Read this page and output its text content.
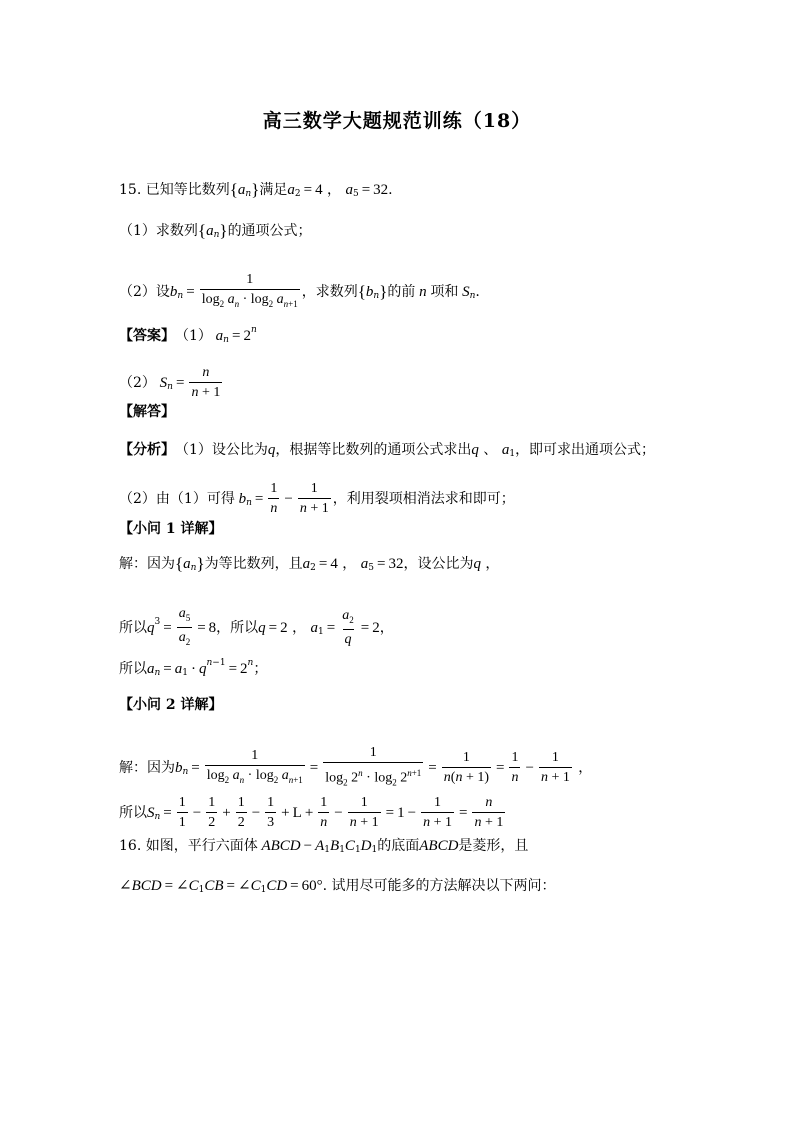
高三数学大题规范训练（18）
15.
已知等比数列 { a n } 满足 a 2 = 4 ， a 5 = 32 .
（1） 求数列 { a n } 的通项公式；
（2） 设 b $n = \frac{1}{\log_2 a_n \cdot \log_2 a_{n+1}}$ ，求数列 { b n } 的前 n 项和 S n .
【答案】 （1） a n = 2 n
（2） S $n = \frac{n}{n + 1}$
【解答】
【分析】 （1）设公比为 q ，根据等比数列的通项公式求出 q
、
a 1 ，即可求出通项公式；
（2）由（1）可得 b $n = \frac{1}{n} - \frac{1}{n + 1}$ ，利用裂项相消法求和即可；
【小问 1 详解】
解：因为 { a n } 为等比数列，且 a 2 = 4 ， a 5 = 32 ，设公比为 q ，
所以 q $3 = \frac{a_5}{a_2} = 8$ ，所以 q = 2 ， a $1 = \frac{a_2}{q} = 2$ ，
所以 a n = a 1 · q n−1 = 2 n ；
【小问 2 详解】
解：因为 b $n = \frac{1}{\log_2 a_n \cdot \log_2 a_{n+1}} = \frac{1}{\log_2 2^n \cdot \log_2 2^{n+1}} = \frac{1}{n(n + 1)} = \frac{1}{n} - \frac{1}{n + 1}$ ，
所以 S $n = \frac{1}{1} - \frac{1}{2} + \frac{1}{2} - \frac{1}{3} + L + \frac{1}{n} - \frac{1}{n + 1} = 1 - \frac{1}{n + 1} = \frac{n}{n + 1}$
16. 如图，平行六面体 ABCD − A 1 B 1 C 1 D 1 的底面 ABCD 是菱形，且
∠BCD = ∠C 1 CB = ∠C 1 CD = 60° . 试用尽可能多的方法解决以下两问：
